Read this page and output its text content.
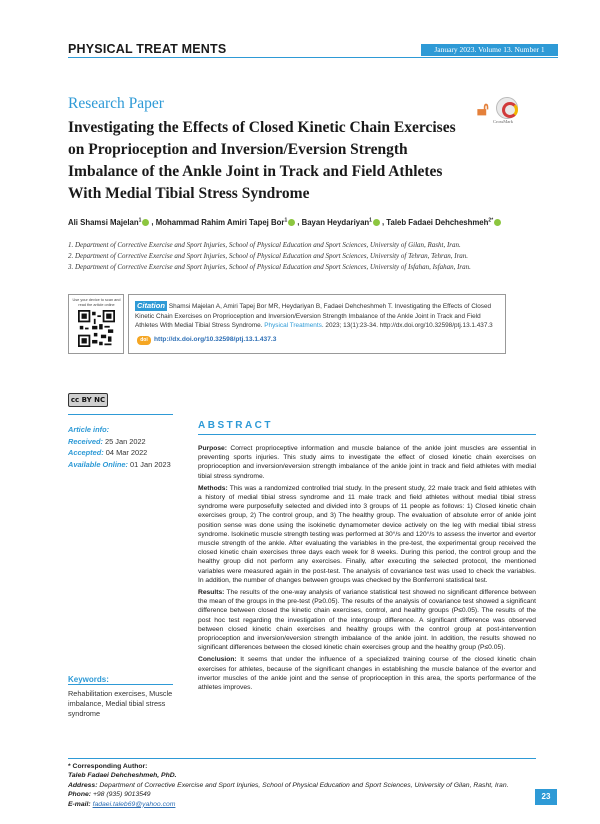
PHYSICAL TREAT MENTS	January 2023. Volume 13. Number 1
Research Paper
Investigating the Effects of Closed Kinetic Chain Exercises on Proprioception and Inversion/Eversion Strength Imbalance of the Ankle Joint in Track and Field Athletes With Medial Tibial Stress Syndrome
🔓︎
CrossMark
Ali Shamsi Majelan$^1$ , Mohammad Rahim Amiri Tapej Bor$^1$ , Bayan Heydariyan$^1$ , Taleb Fadaei Dehcheshmeh$^{2*}$
1. Department of Corrective Exercise and Sport Injuries, School of Physical Education and Sport Sciences, University of Gilan, Rasht, Iran.
2. Department of Corrective Exercise and Sport Injuries, School of Physical Education and Sport Sciences, University of Tehran, Tehran, Iran.
3. Department of Corrective Exercise and Sport Injuries, School of Physical Education and Sport Sciences, University of Isfahan, Isfahan, Iran.
Use your device to scan and read the article online	Citation Shamsi Majelan A, Amiri Tapej Bor MR, Heydariyan B, Fadaei Dehcheshmeh T. Investigating the Effects of Closed Kinetic Chain Exercises on Proprioception and Inversion/Eversion Strength Imbalance of the Ankle Joint in Track and Field Athletes With Medial Tibial Stress Syndrome. Physical Treatments. 2023; 13(1):23-34. http://dx.doi.org/10.32598/ptj.13.1.437.3
doi http://dx.doi.org/10.32598/ptj.13.1.437.3
cc BY NC
Article info:
Received: 25 Jan 2022
Accepted: 04 Mar 2022
Available Online: 01 Jan 2023
Keywords:
Rehabilitation exercises, Muscle imbalance, Medial tibial stress syndrome
ABSTRACT

Purpose: Correct proprioceptive information and muscle balance of the ankle joint muscles are essential in preventing sports injuries. This study aims to investigate the effect of closed kinetic chain exercises on proprioception and inversion/eversion strength imbalance of the ankle joint in track and field athletes with medial tibial stress syndrome.

Methods: This was a randomized controlled trial study. In the present study, 22 male track and field athletes with a history of medial tibial stress syndrome and 11 male track and field athletes without medial tibial stress syndrome were purposefully selected and divided into 3 groups of 11 people as follows: 1) Closed kinetic chain exercises group, 2) The control group, and 3) The healthy group. The evaluation of absolute error of ankle joint position sense was done using the isokinetic dynamometer device actively on the leg with medial tibial stress syndrome. Isokinetic muscle strength testing was performed at 30°/s and 120°/s to assess the invertor and evertor muscle strength of the ankle. After evaluating the variables in the pre-test, the experimental group received the closed kinetic chain exercises three days each week for 8 weeks. During this period, the control group and the healthy group did not perform any exercises. Finally, after executing the selected protocol, the mentioned variables were measured again in the post-test. The analysis of covariance test was used to check the variables. In addition, the number of changes between groups was checked by the Bonferroni statistical test.

Results: The results of the one-way analysis of variance statistical test showed no significant difference between the mean of the groups in the pre-test (P≥0.05). The results of the analysis of covariance test showed a significant difference between closed the kinetic chain exercises, control, and healthy groups (P≤0.05). The results of the post hoc test regarding the investigation of the intergroup difference. A significant difference was observed between closed kinetic chain exercises and healthy groups with the control group at post-intervention proprioception and inversion/eversion strength imbalance of the ankle joint. In addition, the results showed no significant differences between the closed kinetic chain exercises group and the healthy group (P≤0.05).

Conclusion: It seems that under the influence of a specialized training course of the closed kinetic chain exercises for athletes, because of the significant changes in establishing the muscle balance of the evertor and invertor muscles of the ankle joint and the sense of proprioception in this area, the sports performance of the athletes improves.

* Corresponding Author:
Taleb Fadaei Dehcheshmeh, PhD.
Address: Department of Corrective Exercise and Sport Injuries, School of Physical Education and Sport Sciences, University of Gilan, Rasht, Iran.
Phone: +98 (935) 9013549
E-mail: fadaei.taleb69@yahoo.com
23
